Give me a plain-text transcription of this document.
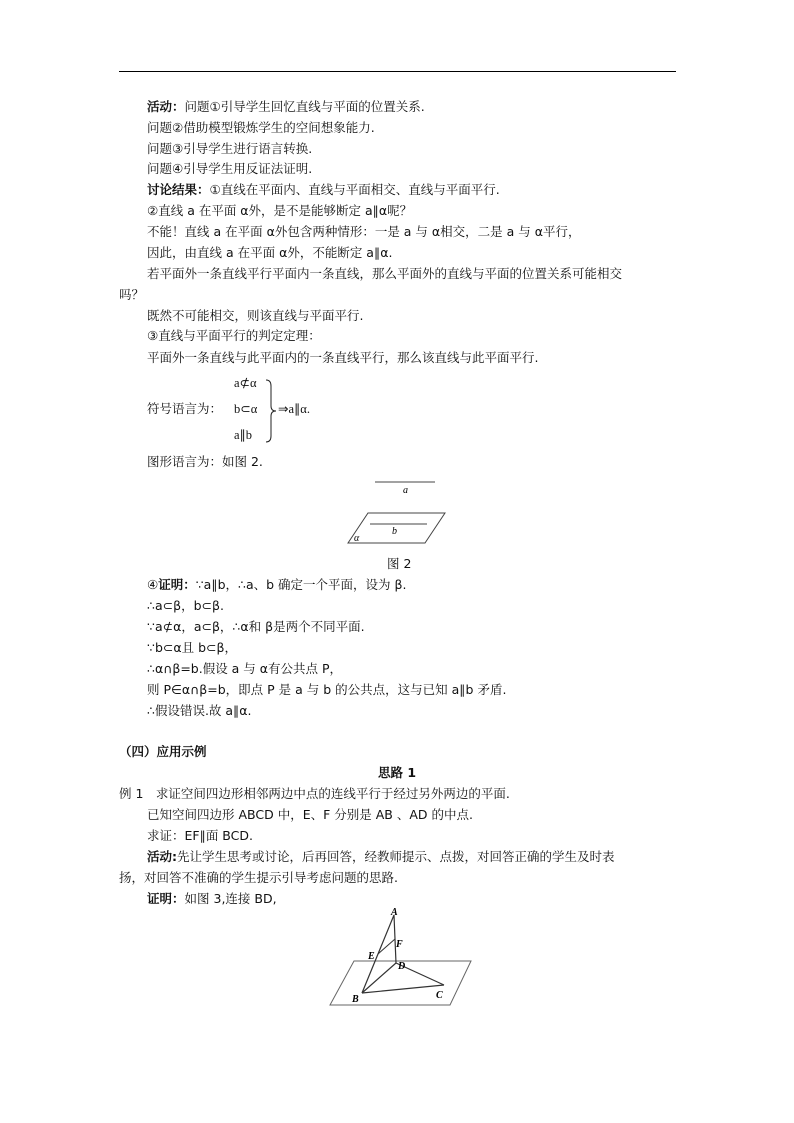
活动：问题①引导学生回忆直线与平面的位置关系.
问题②借助模型锻炼学生的空间想象能力.
问题③引导学生进行语言转换.
问题④引导学生用反证法证明.
讨论结果：①直线在平面内、直线与平面相交、直线与平面平行.
②直线 a 在平面 α外，是不是能够断定 a∥α呢？
不能！直线 a 在平面 α外包含两种情形：一是 a 与 α相交，二是 a 与 α平行，
因此，由直线 a 在平面 α外，不能断定 a∥α.
若平面外一条直线平行平面内一条直线，那么平面外的直线与平面的位置关系可能相交
吗？
既然不可能相交，则该直线与平面平行.
③直线与平面平行的判定定理：
平面外一条直线与此平面内的一条直线平行，那么该直线与此平面平行.
符号语言为：
a⊄α
b⊂α
a∥b
⇒a∥α.
图形语言为：如图 2.
a
b
α
图 2
④证明：∵a∥b，∴a、b 确定一个平面，设为 β.
∴a⊂β，b⊂β.
∵a⊄α，a⊂β，∴α和 β是两个不同平面.
∵b⊂α且 b⊂β，
∴α∩β=b.假设 a 与 α有公共点 P，
则 P∈α∩β=b，即点 P 是 a 与 b 的公共点，这与已知 a∥b 矛盾.
∴假设错误.故 a∥α.
（四）应用示例
思路 1
例 1　求证空间四边形相邻两边中点的连线平行于经过另外两边的平面.
已知空间四边形 ABCD 中，E、F 分别是 AB 、AD 的中点.
求证：EF∥面 BCD.
活动:先让学生思考或讨论，后再回答，经教师提示、点拨，对回答正确的学生及时表
扬，对回答不准确的学生提示引导考虑问题的思路.
证明：如图 3,连接 BD,
A
E
F
D
B	C
